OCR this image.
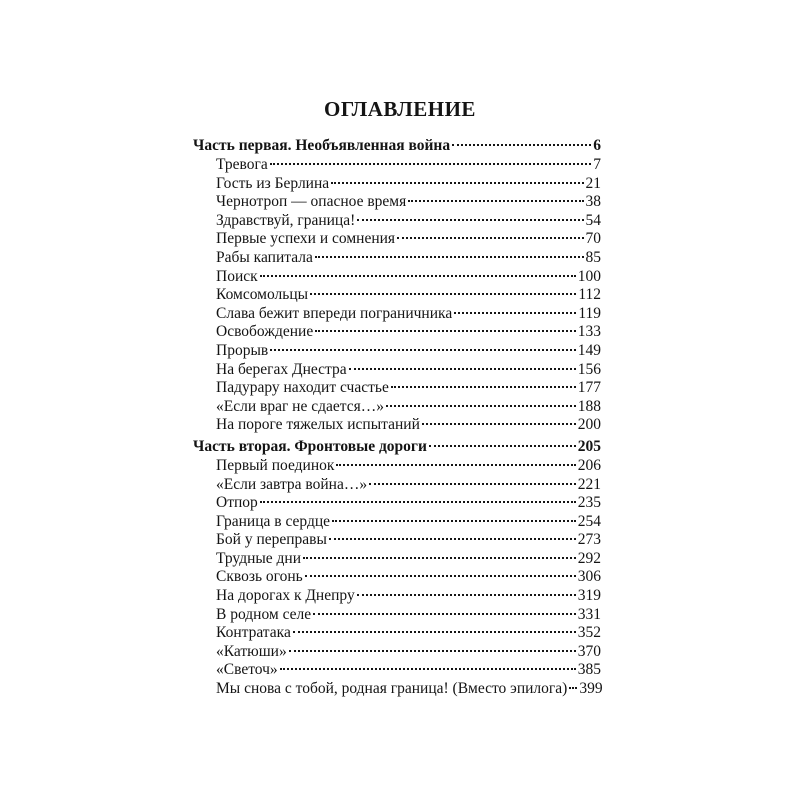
ОГЛАВЛЕНИЕ
Часть первая. Необъявленная война	6
Тревога	7
Гость из Берлина	21
Чернотроп — опасное время	38
Здравствуй, граница!	54
Первые успехи и сомнения	70
Рабы капитала	85
Поиск	100
Комсомольцы	112
Слава бежит впереди пограничника	119
Освобождение	133
Прорыв	149
На берегах Днестра	156
Падурару находит счастье	177
«Если враг не сдается…»	188
На пороге тяжелых испытаний	200
Часть вторая. Фронтовые дороги	205
Первый поединок	206
«Если завтра война…»	221
Отпор	235
Граница в сердце	254
Бой у переправы	273
Трудные дни	292
Сквозь огонь	306
На дорогах к Днепру	319
В родном селе	331
Контратака	352
«Катюши»	370
«Светоч»	385
Мы снова с тобой, родная граница! (Вместо эпилога) 399
